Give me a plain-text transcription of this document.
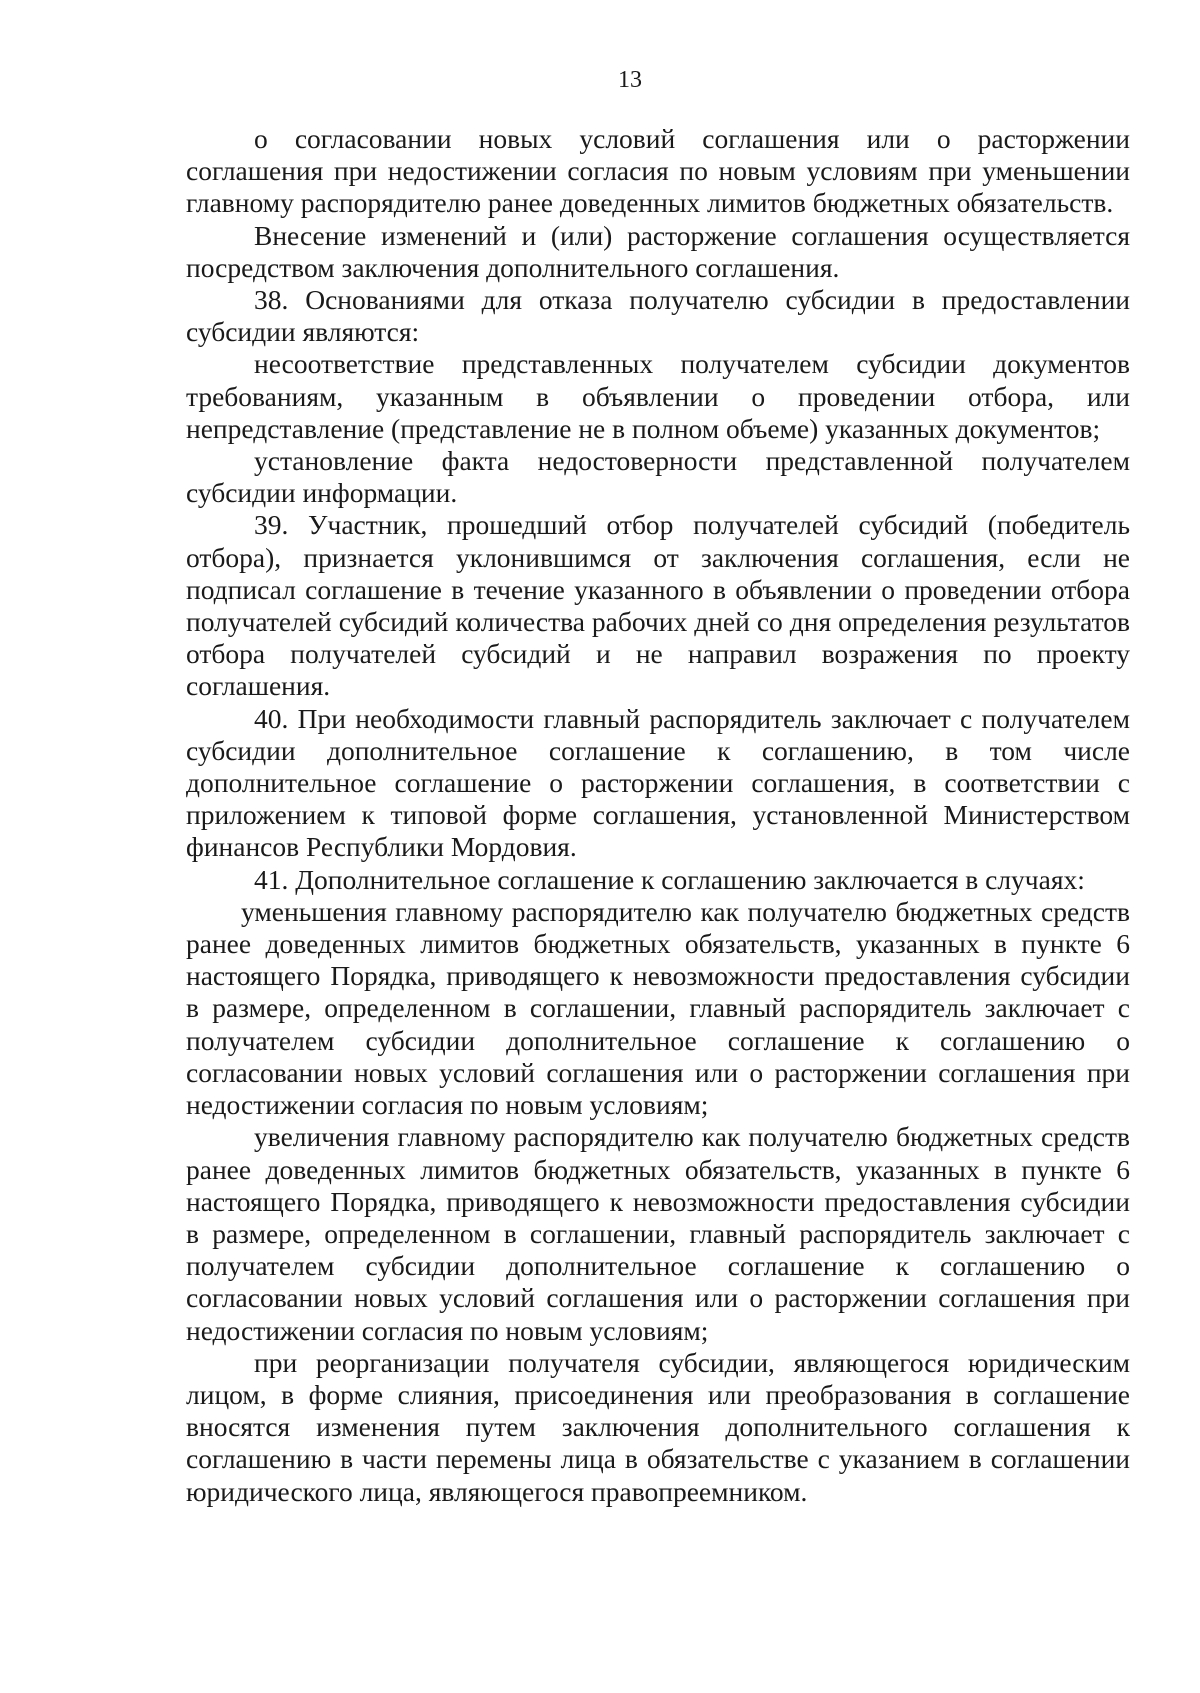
13

о согласовании новых условий соглашения или о расторжении соглашения при недостижении согласия по новым условиям при уменьшении главному распорядителю ранее доведенных лимитов бюджетных обязательств.

Внесение изменений и (или) расторжение соглашения осуществляется посредством заключения дополнительного соглашения.

38. Основаниями для отказа получателю субсидии в предоставлении субсидии являются:

несоответствие представленных получателем субсидии документов требованиям, указанным в объявлении о проведении отбора, или непредставление (представление не в полном объеме) указанных документов;

установление факта недостоверности представленной получателем субсидии информации.

39. Участник, прошедший отбор получателей субсидий (победитель отбора), признается уклонившимся от заключения соглашения, если не подписал соглашение в течение указанного в объявлении о проведении отбора получателей субсидий количества рабочих дней со дня определения результатов отбора получателей субсидий и не направил возражения по проекту соглашения.

40. При необходимости главный распорядитель заключает с получателем субсидии дополнительное соглашение к соглашению, в том числе дополнительное соглашение о расторжении соглашения, в соответствии с приложением к типовой форме соглашения, установленной Министерством финансов Республики Мордовия.

41. Дополнительное соглашение к соглашению заключается в случаях:

уменьшения главному распорядителю как получателю бюджетных средств ранее доведенных лимитов бюджетных обязательств, указанных в пункте 6 настоящего Порядка, приводящего к невозможности предоставления субсидии в размере, определенном в соглашении, главный распорядитель заключает с получателем субсидии дополнительное соглашение к соглашению о согласовании новых условий соглашения или о расторжении соглашения при недостижении согласия по новым условиям;

увеличения главному распорядителю как получателю бюджетных средств ранее доведенных лимитов бюджетных обязательств, указанных в пункте 6 настоящего Порядка, приводящего к невозможности предоставления субсидии в размере, определенном в соглашении, главный распорядитель заключает с получателем субсидии дополнительное соглашение к соглашению о согласовании новых условий соглашения или о расторжении соглашения при недостижении согласия по новым условиям;

при реорганизации получателя субсидии, являющегося юридическим лицом, в форме слияния, присоединения или преобразования в соглашение вносятся изменения путем заключения дополнительного соглашения к соглашению в части перемены лица в обязательстве с указанием в соглашении юридического лица, являющегося правопреемником.
